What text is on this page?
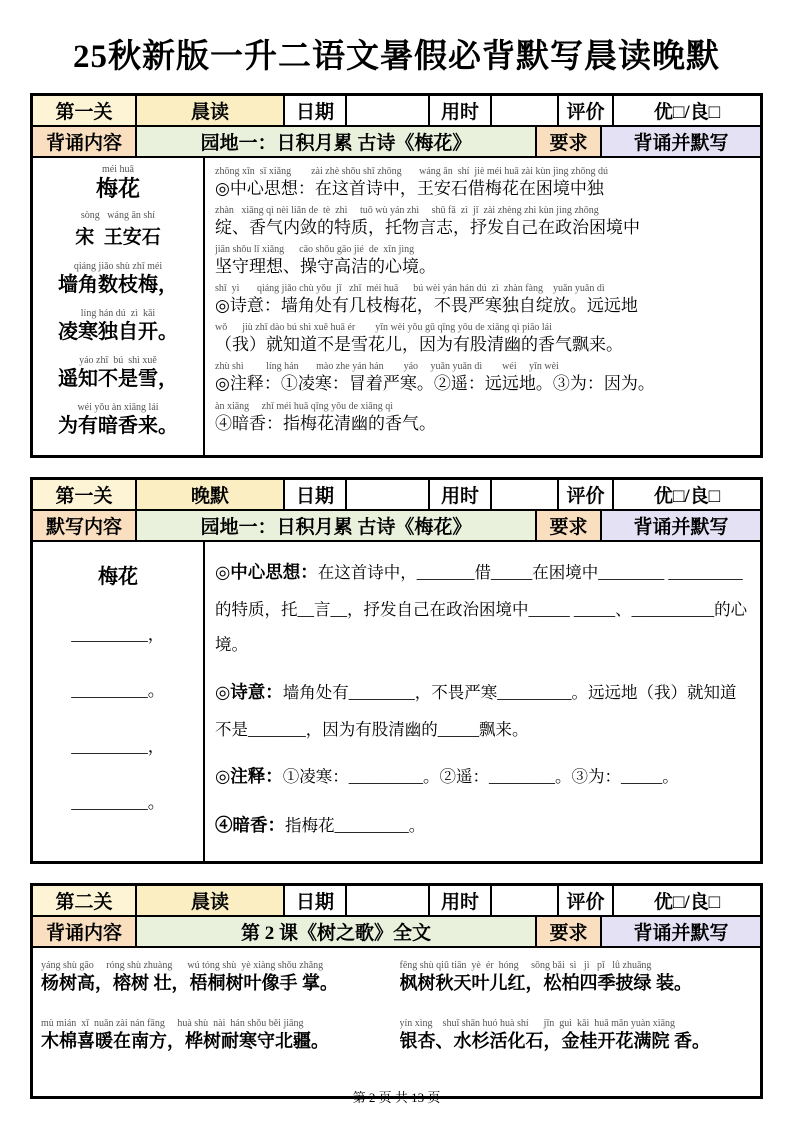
25秋新版一升二语文暑假必背默写晨读晚默
第一关	晨读	日期	用时	评价	优□/良□
背诵内容	园地一：日积月累 古诗《梅花》	要求	背诵并默写
méi huā
梅花
sòng   wáng ān shí
宋  王安石
qiáng jiǎo shù zhī méi
墙角数枝梅，
líng hán dú  zì  kāi
凌寒独自开。
yáo zhī  bú  shì xuě
遥知不是雪，
wéi yǒu àn xiāng lái
为有暗香来。
zhōng xīn  sī xiǎng        zài zhè shǒu shī zhōng       wáng ān  shí  jiè méi huā zài kùn jìng zhōng dú
◎中心思想：在这首诗中，王安石借梅花在困境中独
zhàn   xiāng qì nèi liǎn de  tè  zhì     tuō wù yán zhì     shū fā  zì  jǐ  zài zhèng zhì kùn jìng zhōng
绽、香气内敛的特质，托物言志，抒发自己在政治困境中
jiān shǒu lǐ xiǎng      cāo shǒu gāo jié  de  xīn jìng
坚守理想、操守高洁的心境。
shī  yì       qiáng jiǎo chù yǒu  jǐ   zhī  méi huā      bú wèi yán hán dú  zì  zhàn fàng    yuǎn yuǎn dì
◎诗意：墙角处有几枝梅花，不畏严寒独自绽放。远远地
wǒ      jiù zhī dào bú shì xuě huā ér        yīn wèi yǒu gǔ qīng yōu de xiāng qì piāo lái
（我）就知道不是雪花儿，因为有股清幽的香气飘来。
zhù shì         líng hán       mào zhe yán hán        yáo     yuǎn yuǎn dì        wéi     yīn wèi
◎注释：①凌寒：冒着严寒。②遥：远远地。③为：因为。
àn xiāng     zhǐ méi huā qīng yōu de xiāng qì
④暗香：指梅花清幽的香气。
第一关	晚默	日期	用时	评价	优□/良□
默写内容	园地一：日积月累 古诗《梅花》	要求	背诵并默写
梅花
_________，
_________。
_________，
_________。

◎中心思想：在这首诗中，_______借_____在困境中________ _________的特质，托__言__，抒发自己在政治困境中_____ _____、__________的心境。

◎诗意：墙角处有________，不畏严寒_________。远远地（我）就知道不是_______，因为有股清幽的_____飘来。

◎注释：①凌寒：_________。②遥：________。③为：_____。

④暗香：指梅花_________。

第二关	晨读	日期	用时	评价	优□/良□
背诵内容	第 2 课《树之歌》全文	要求	背诵并默写
yáng shù gāo     róng shù zhuàng      wú tóng shù  yè xiàng shǒu zhǎng
杨树高，榕树 壮，梧桐树叶像手 掌。
fēng shù qiū tiān  yè  ér  hóng     sōng bǎi  sì   jì   pī   lǜ zhuāng
枫树秋天叶儿红，松柏四季披绿 装。
mù mián  xǐ  nuǎn zài nán fāng     huà shù  nài  hán shǒu běi jiāng
木棉喜暖在南方，桦树耐寒守北疆。
yín xìng    shuǐ shān huó huà shí      jīn  guì  kāi  huā mǎn yuàn xiāng
银杏、水杉活化石，金桂开花满院 香。
第 2 页 共 13 页
